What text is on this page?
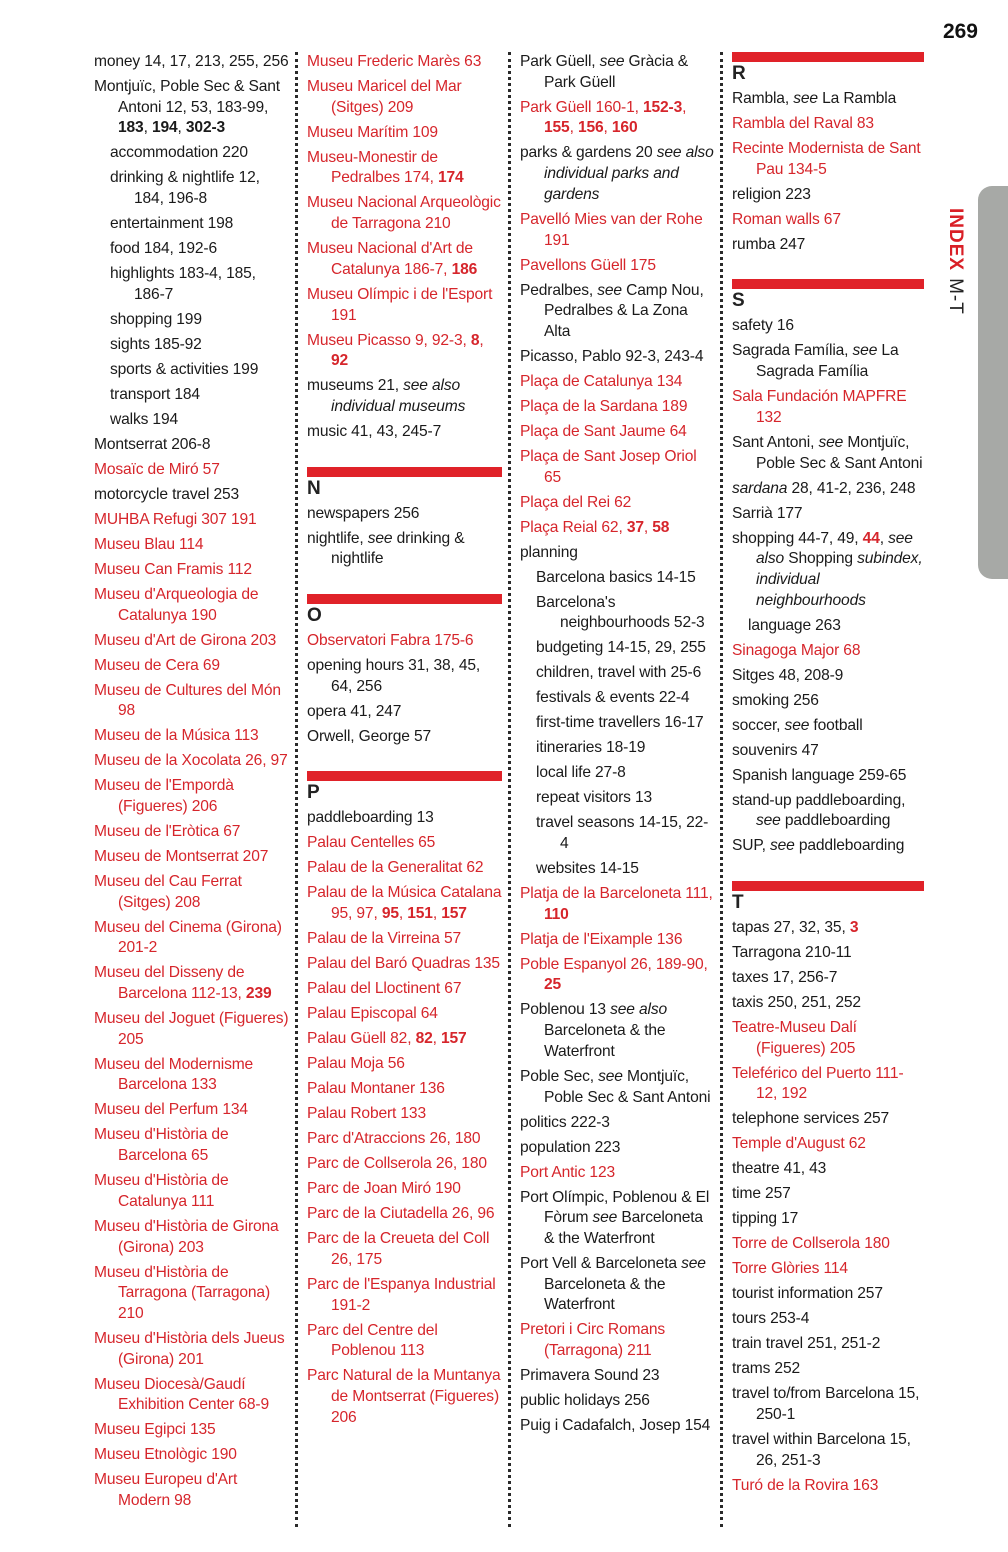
269
INDEXM-T
money 14, 17, 213, 255, 256
Montjuïc, Poble Sec & Sant Antoni 12, 53, 183-99, 183, 194, 302-3
accommodation 220
drinking & nightlife 12, 184, 196-8
entertainment 198
food 184, 192-6
highlights 183-4, 185, 186-7
shopping 199
sights 185-92
sports & activities 199
transport 184
walks 194
Montserrat 206-8
Mosaïc de Miró 57
motorcycle travel 253
MUHBA Refugi 307 191
Museu Blau 114
Museu Can Framis 112
Museu d'Arqueologia de Catalunya 190
Museu d'Art de Girona 203
Museu de Cera 69
Museu de Cultures del Món 98
Museu de la Música 113
Museu de la Xocolata 26, 97
Museu de l'Empordà (Figueres) 206
Museu de l'Eròtica 67
Museu de Montserrat 207
Museu del Cau Ferrat (Sitges) 208
Museu del Cinema (Girona) 201-2
Museu del Disseny de Barcelona 112-13, 239
Museu del Joguet (Figueres) 205
Museu del Modernisme Barcelona 133
Museu del Perfum 134
Museu d'Història de Barcelona 65
Museu d'Història de Catalunya 111
Museu d'Història de Girona (Girona) 203
Museu d'Història de Tarragona (Tarragona) 210
Museu d'Història dels Jueus (Girona) 201
Museu Diocesà/Gaudí Exhibition Center 68-9
Museu Egipci 135
Museu Etnològic 190
Museu Europeu d'Art Modern 98
Museu Frederic Marès 63
Museu Maricel del Mar (Sitges) 209
Museu Marítim 109
Museu-Monestir de Pedralbes 174, 174
Museu Nacional Arqueològic de Tarragona 210
Museu Nacional d'Art de Catalunya 186-7, 186
Museu Olímpic i de l'Esport 191
Museu Picasso 9, 92-3, 8, 92
museums 21, see also individual museums
music 41, 43, 245-7
N
newspapers 256
nightlife, see drinking & nightlife
O
Observatori Fabra 175-6
opening hours 31, 38, 45, 64, 256
opera 41, 247
Orwell, George 57
P
paddleboarding 13
Palau Centelles 65
Palau de la Generalitat 62
Palau de la Música Catalana 95, 97, 95, 151, 157
Palau de la Virreina 57
Palau del Baró Quadras 135
Palau del Lloctinent 67
Palau Episcopal 64
Palau Güell 82, 82, 157
Palau Moja 56
Palau Montaner 136
Palau Robert 133
Parc d'Atraccions 26, 180
Parc de Collserola 26, 180
Parc de Joan Miró 190
Parc de la Ciutadella 26, 96
Parc de la Creueta del Coll 26, 175
Parc de l'Espanya Industrial 191-2
Parc del Centre del Poblenou 113
Parc Natural de la Muntanya de Montserrat (Figueres) 206
Park Güell, see Gràcia & Park Güell
Park Güell 160-1, 152-3, 155, 156, 160
parks & gardens 20 see also individual parks and gardens
Pavelló Mies van der Rohe 191
Pavellons Güell 175
Pedralbes, see Camp Nou, Pedralbes & La Zona Alta
Picasso, Pablo 92-3, 243-4
Plaça de Catalunya 134
Plaça de la Sardana 189
Plaça de Sant Jaume 64
Plaça de Sant Josep Oriol 65
Plaça del Rei 62
Plaça Reial 62, 37, 58
planning
Barcelona basics 14-15
Barcelona's neighbourhoods 52-3
budgeting 14-15, 29, 255
children, travel with 25-6
festivals & events 22-4
first-time travellers 16-17
itineraries 18-19
local life 27-8
repeat visitors 13
travel seasons 14-15, 22-4
websites 14-15
Platja de la Barceloneta 111, 110
Platja de l'Eixample 136
Poble Espanyol 26, 189-90, 25
Poblenou 13 see also Barceloneta & the Waterfront
Poble Sec, see Montjuïc, Poble Sec & Sant Antoni
politics 222-3
population 223
Port Antic 123
Port Olímpic, Poblenou & El Fòrum see Barceloneta & the Waterfront
Port Vell & Barceloneta see Barceloneta & the Waterfront
Pretori i Circ Romans (Tarragona) 211
Primavera Sound 23
public holidays 256
Puig i Cadafalch, Josep 154
R
Rambla, see La Rambla
Rambla del Raval 83
Recinte Modernista de Sant Pau 134-5
religion 223
Roman walls 67
rumba 247
S
safety 16
Sagrada Família, see La Sagrada Família
Sala Fundación MAPFRE 132
Sant Antoni, see Montjuïc, Poble Sec & Sant Antoni
sardana 28, 41-2, 236, 248
Sarrià 177
shopping 44-7, 49, 44, see also Shopping subindex, individual neighbourhoods
language 263
Sinagoga Major 68
Sitges 48, 208-9
smoking 256
soccer, see football
souvenirs 47
Spanish language 259-65
stand-up paddleboarding, see paddleboarding
SUP, see paddleboarding
T
tapas 27, 32, 35, 3
Tarragona 210-11
taxes 17, 256-7
taxis 250, 251, 252
Teatre-Museu Dalí (Figueres) 205
Teleférico del Puerto 111-12, 192
telephone services 257
Temple d'August 62
theatre 41, 43
time 257
tipping 17
Torre de Collserola 180
Torre Glòries 114
tourist information 257
tours 253-4
train travel 251, 251-2
trams 252
travel to/from Barcelona 15, 250-1
travel within Barcelona 15, 26, 251-3
Turó de la Rovira 163
